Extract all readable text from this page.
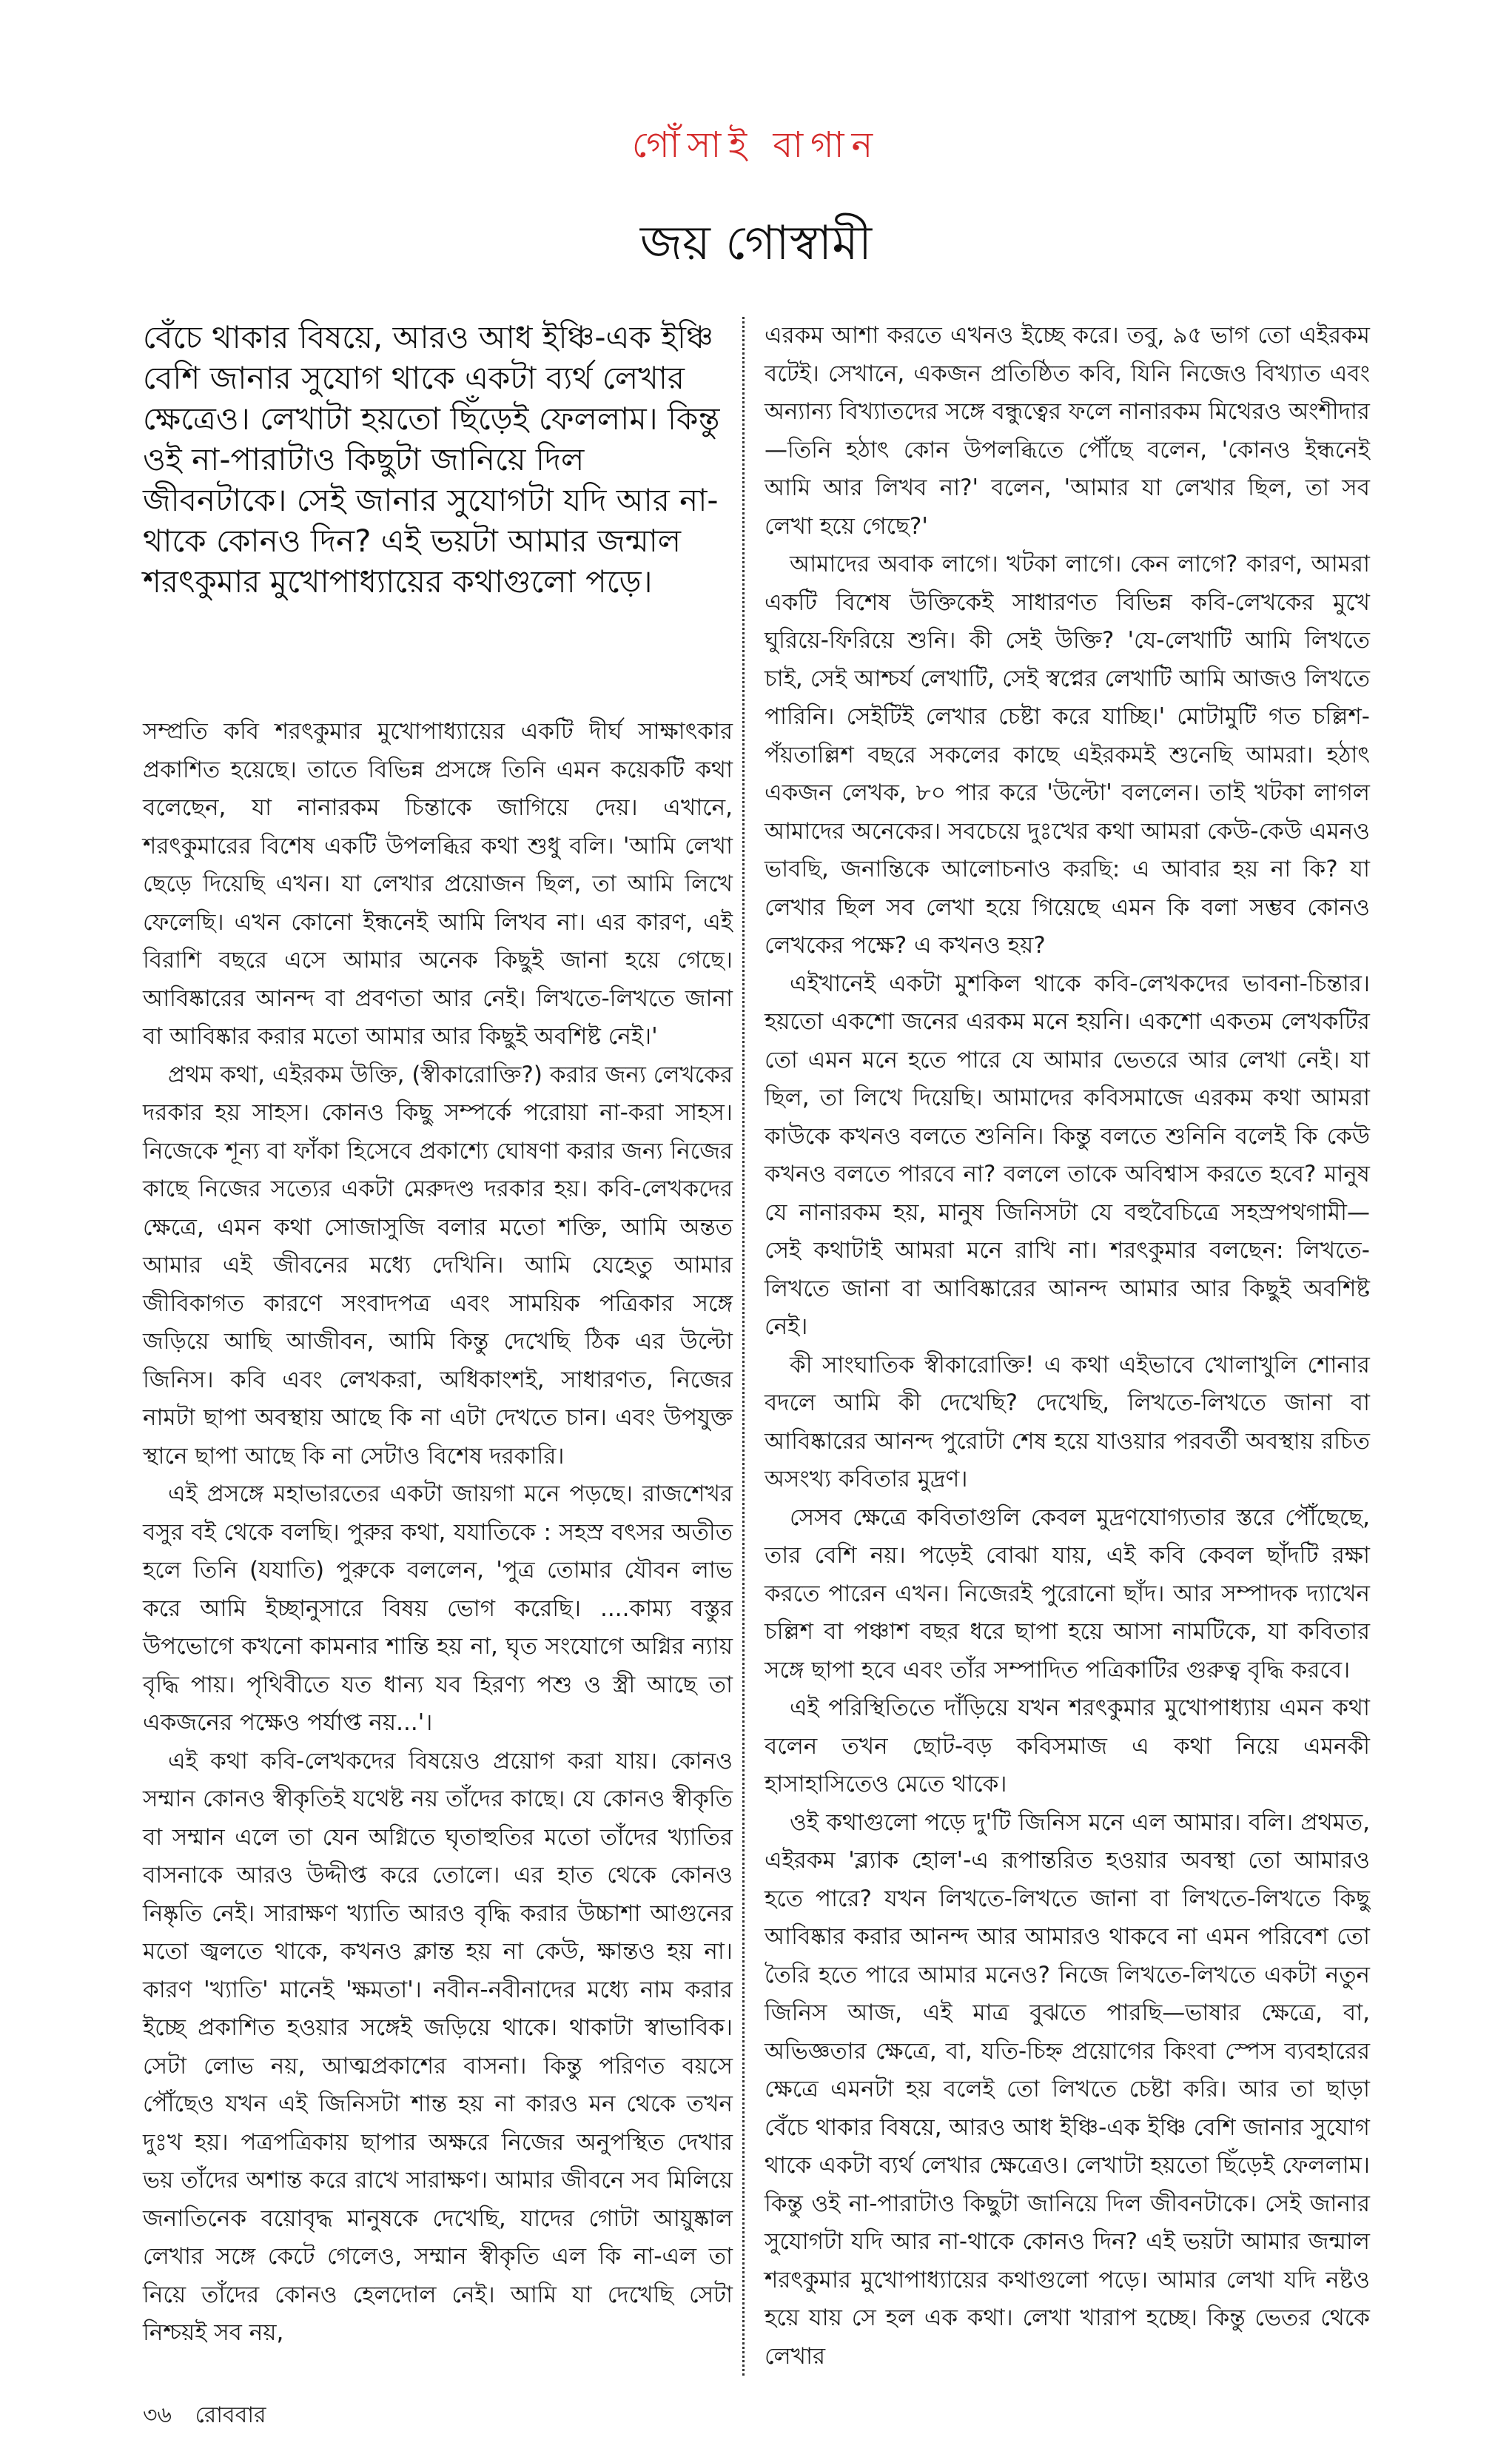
গোঁসাই বাগান
জয় গোস্বামী
বেঁচে থাকার বিষয়ে, আরও আধ ইঞ্চি-এক ইঞ্চি বেশি জানার সুযোগ থাকে একটা ব্যর্থ লেখার ক্ষেত্রেও। লেখাটা হয়তো ছিঁড়েই ফেললাম। কিন্তু ওই না-পারাটাও কিছুটা জানিয়ে দিল জীবনটাকে। সেই জানার সুযোগটা যদি আর না-থাকে কোনও দিন? এই ভয়টা আমার জন্মাল শরৎকুমার মুখোপাধ্যায়ের কথাগুলো পড়ে।

সম্প্রতি কবি শরৎকুমার মুখোপাধ্যায়ের একটি দীর্ঘ সাক্ষাৎকার প্রকাশিত হয়েছে। তাতে বিভিন্ন প্রসঙ্গে তিনি এমন কয়েকটি কথা বলেছেন, যা নানারকম চিন্তাকে জাগিয়ে দেয়। এখানে, শরৎকুমারের বিশেষ একটি উপলব্ধির কথা শুধু বলি। 'আমি লেখা ছেড়ে দিয়েছি এখন। যা লেখার প্রয়োজন ছিল, তা আমি লিখে ফেলেছি। এখন কোনো ইন্ধনেই আমি লিখব না। এর কারণ, এই বিরাশি বছরে এসে আমার অনেক কিছুই জানা হয়ে গেছে। আবিষ্কারের আনন্দ বা প্রবণতা আর নেই। লিখতে-লিখতে জানা বা আবিষ্কার করার মতো আমার আর কিছুই অবশিষ্ট নেই।'

প্রথম কথা, এইরকম উক্তি, (স্বীকারোক্তি?) করার জন্য লেখকের দরকার হয় সাহস। কোনও কিছু সম্পর্কে পরোয়া না-করা সাহস। নিজেকে শূন্য বা ফাঁকা হিসেবে প্রকাশ্যে ঘোষণা করার জন্য নিজের কাছে নিজের সত্যের একটা মেরুদণ্ড দরকার হয়। কবি-লেখকদের ক্ষেত্রে, এমন কথা সোজাসুজি বলার মতো শক্তি, আমি অন্তত আমার এই জীবনের মধ্যে দেখিনি। আমি যেহেতু আমার জীবিকাগত কারণে সংবাদপত্র এবং সাময়িক পত্রিকার সঙ্গে জড়িয়ে আছি আজীবন, আমি কিন্তু দেখেছি ঠিক এর উল্টো জিনিস। কবি এবং লেখকরা, অধিকাংশই, সাধারণত, নিজের নামটা ছাপা অবস্থায় আছে কি না এটা দেখতে চান। এবং উপযুক্ত স্থানে ছাপা আছে কি না সেটাও বিশেষ দরকারি।

এই প্রসঙ্গে মহাভারতের একটা জায়গা মনে পড়ছে। রাজশেখর বসুর বই থেকে বলছি। পুরুর কথা, যযাতিকে : সহস্র বৎসর অতীত হলে তিনি (যযাতি) পুরুকে বললেন, 'পুত্র তোমার যৌবন লাভ করে আমি ইচ্ছানুসারে বিষয় ভোগ করেছি। ....কাম্য বস্তুর উপভোগে কখনো কামনার শান্তি হয় না, ঘৃত সংযোগে অগ্নির ন্যায় বৃদ্ধি পায়। পৃথিবীতে যত ধান্য যব হিরণ্য পশু ও স্ত্রী আছে তা একজনের পক্ষেও পর্যাপ্ত নয়...'।

এই কথা কবি-লেখকদের বিষয়েও প্রয়োগ করা যায়। কোনও সম্মান কোনও স্বীকৃতিই যথেষ্ট নয় তাঁদের কাছে। যে কোনও স্বীকৃতি বা সম্মান এলে তা যেন অগ্নিতে ঘৃতাহুতির মতো তাঁদের খ্যাতির বাসনাকে আরও উদ্দীপ্ত করে তোলে। এর হাত থেকে কোনও নিষ্কৃতি নেই। সারাক্ষণ খ্যাতি আরও বৃদ্ধি করার উচ্চাশা আগুনের মতো জ্বলতে থাকে, কখনও ক্লান্ত হয় না কেউ, ক্ষান্তও হয় না। কারণ 'খ্যাতি' মানেই 'ক্ষমতা'। নবীন-নবীনাদের মধ্যে নাম করার ইচ্ছে প্রকাশিত হওয়ার সঙ্গেই জড়িয়ে থাকে। থাকাটা স্বাভাবিক। সেটা লোভ নয়, আত্মপ্রকাশের বাসনা। কিন্তু পরিণত বয়সে পৌঁছেও যখন এই জিনিসটা শান্ত হয় না কারও মন থেকে তখন দুঃখ হয়। পত্রপত্রিকায় ছাপার অক্ষরে নিজের অনুপস্থিত দেখার ভয় তাঁদের অশান্ত করে রাখে সারাক্ষণ। আমার জীবনে সব মিলিয়ে জনাতিনেক বয়োবৃদ্ধ মানুষকে দেখেছি, যাদের গোটা আয়ুষ্কাল লেখার সঙ্গে কেটে গেলেও, সম্মান স্বীকৃতি এল কি না-এল তা নিয়ে তাঁদের কোনও হেলদোল নেই। আমি যা দেখেছি সেটা নিশ্চয়ই সব নয়,

এরকম আশা করতে এখনও ইচ্ছে করে। তবু, ৯৫ ভাগ তো এইরকম বটেই। সেখানে, একজন প্রতিষ্ঠিত কবি, যিনি নিজেও বিখ্যাত এবং অন্যান্য বিখ্যাতদের সঙ্গে বন্ধুত্বের ফলে নানারকম মিথেরও অংশীদার—তিনি হঠাৎ কোন উপলব্ধিতে পৌঁছে বলেন, 'কোনও ইন্ধনেই আমি আর লিখব না?' বলেন, 'আমার যা লেখার ছিল, তা সব লেখা হয়ে গেছে?'

আমাদের অবাক লাগে। খটকা লাগে। কেন লাগে? কারণ, আমরা একটি বিশেষ উক্তিকেই সাধারণত বিভিন্ন কবি-লেখকের মুখে ঘুরিয়ে-ফিরিয়ে শুনি। কী সেই উক্তি? 'যে-লেখাটি আমি লিখতে চাই, সেই আশ্চর্য লেখাটি, সেই স্বপ্নের লেখাটি আমি আজও লিখতে পারিনি। সেইটিই লেখার চেষ্টা করে যাচ্ছি।' মোটামুটি গত চল্লিশ-পঁয়তাল্লিশ বছরে সকলের কাছে এইরকমই শুনেছি আমরা। হঠাৎ একজন লেখক, ৮০ পার করে 'উল্টো' বললেন। তাই খটকা লাগল আমাদের অনেকের। সবচেয়ে দুঃখের কথা আমরা কেউ-কেউ এমনও ভাবছি, জনান্তিকে আলোচনাও করছি: এ আবার হয় না কি? যা লেখার ছিল সব লেখা হয়ে গিয়েছে এমন কি বলা সম্ভব কোনও লেখকের পক্ষে? এ কখনও হয়?

এইখানেই একটা মুশকিল থাকে কবি-লেখকদের ভাবনা-চিন্তার। হয়তো একশো জনের এরকম মনে হয়নি। একশো একতম লেখকটির তো এমন মনে হতে পারে যে আমার ভেতরে আর লেখা নেই। যা ছিল, তা লিখে দিয়েছি। আমাদের কবিসমাজে এরকম কথা আমরা কাউকে কখনও বলতে শুনিনি। কিন্তু বলতে শুনিনি বলেই কি কেউ কখনও বলতে পারবে না? বললে তাকে অবিশ্বাস করতে হবে? মানুষ যে নানারকম হয়, মানুষ জিনিসটা যে বহুবৈচিত্রে সহস্রপথগামী—সেই কথাটাই আমরা মনে রাখি না। শরৎকুমার বলছেন: লিখতে-লিখতে জানা বা আবিষ্কারের আনন্দ আমার আর কিছুই অবশিষ্ট নেই।

কী সাংঘাতিক স্বীকারোক্তি! এ কথা এইভাবে খোলাখুলি শোনার বদলে আমি কী দেখেছি? দেখেছি, লিখতে-লিখতে জানা বা আবিষ্কারের আনন্দ পুরোটা শেষ হয়ে যাওয়ার পরবর্তী অবস্থায় রচিত অসংখ্য কবিতার মুদ্রণ।

সেসব ক্ষেত্রে কবিতাগুলি কেবল মুদ্রণযোগ্যতার স্তরে পৌঁছেছে, তার বেশি নয়। পড়েই বোঝা যায়, এই কবি কেবল ছাঁদটি রক্ষা করতে পারেন এখন। নিজেরই পুরোনো ছাঁদ। আর সম্পাদক দ্যাখেন চল্লিশ বা পঞ্চাশ বছর ধরে ছাপা হয়ে আসা নামটিকে, যা কবিতার সঙ্গে ছাপা হবে এবং তাঁর সম্পাদিত পত্রিকাটির গুরুত্ব বৃদ্ধি করবে।

এই পরিস্থিতিতে দাঁড়িয়ে যখন শরৎকুমার মুখোপাধ্যায় এমন কথা বলেন তখন ছোট-বড় কবিসমাজ এ কথা নিয়ে এমনকী হাসাহাসিতেও মেতে থাকে।

ওই কথাগুলো পড়ে দু'টি জিনিস মনে এল আমার। বলি। প্রথমত, এইরকম 'ব্ল্যাক হোল'-এ রূপান্তরিত হওয়ার অবস্থা তো আমারও হতে পারে? যখন লিখতে-লিখতে জানা বা লিখতে-লিখতে কিছু আবিষ্কার করার আনন্দ আর আমারও থাকবে না এমন পরিবেশ তো তৈরি হতে পারে আমার মনেও? নিজে লিখতে-লিখতে একটা নতুন জিনিস আজ, এই মাত্র বুঝতে পারছি—ভাষার ক্ষেত্রে, বা, অভিজ্ঞতার ক্ষেত্রে, বা, যতি-চিহ্ন প্রয়োগের কিংবা স্পেস ব্যবহারের ক্ষেত্রে এমনটা হয় বলেই তো লিখতে চেষ্টা করি। আর তা ছাড়া বেঁচে থাকার বিষয়ে, আরও আধ ইঞ্চি-এক ইঞ্চি বেশি জানার সুযোগ থাকে একটা ব্যর্থ লেখার ক্ষেত্রেও। লেখাটা হয়তো ছিঁড়েই ফেললাম। কিন্তু ওই না-পারাটাও কিছুটা জানিয়ে দিল জীবনটাকে। সেই জানার সুযোগটা যদি আর না-থাকে কোনও দিন? এই ভয়টা আমার জন্মাল শরৎকুমার মুখোপাধ্যায়ের কথাগুলো পড়ে। আমার লেখা যদি নষ্টও হয়ে যায় সে হল এক কথা। লেখা খারাপ হচ্ছে। কিন্তু ভেতর থেকে লেখার

৩৬ রোববার
